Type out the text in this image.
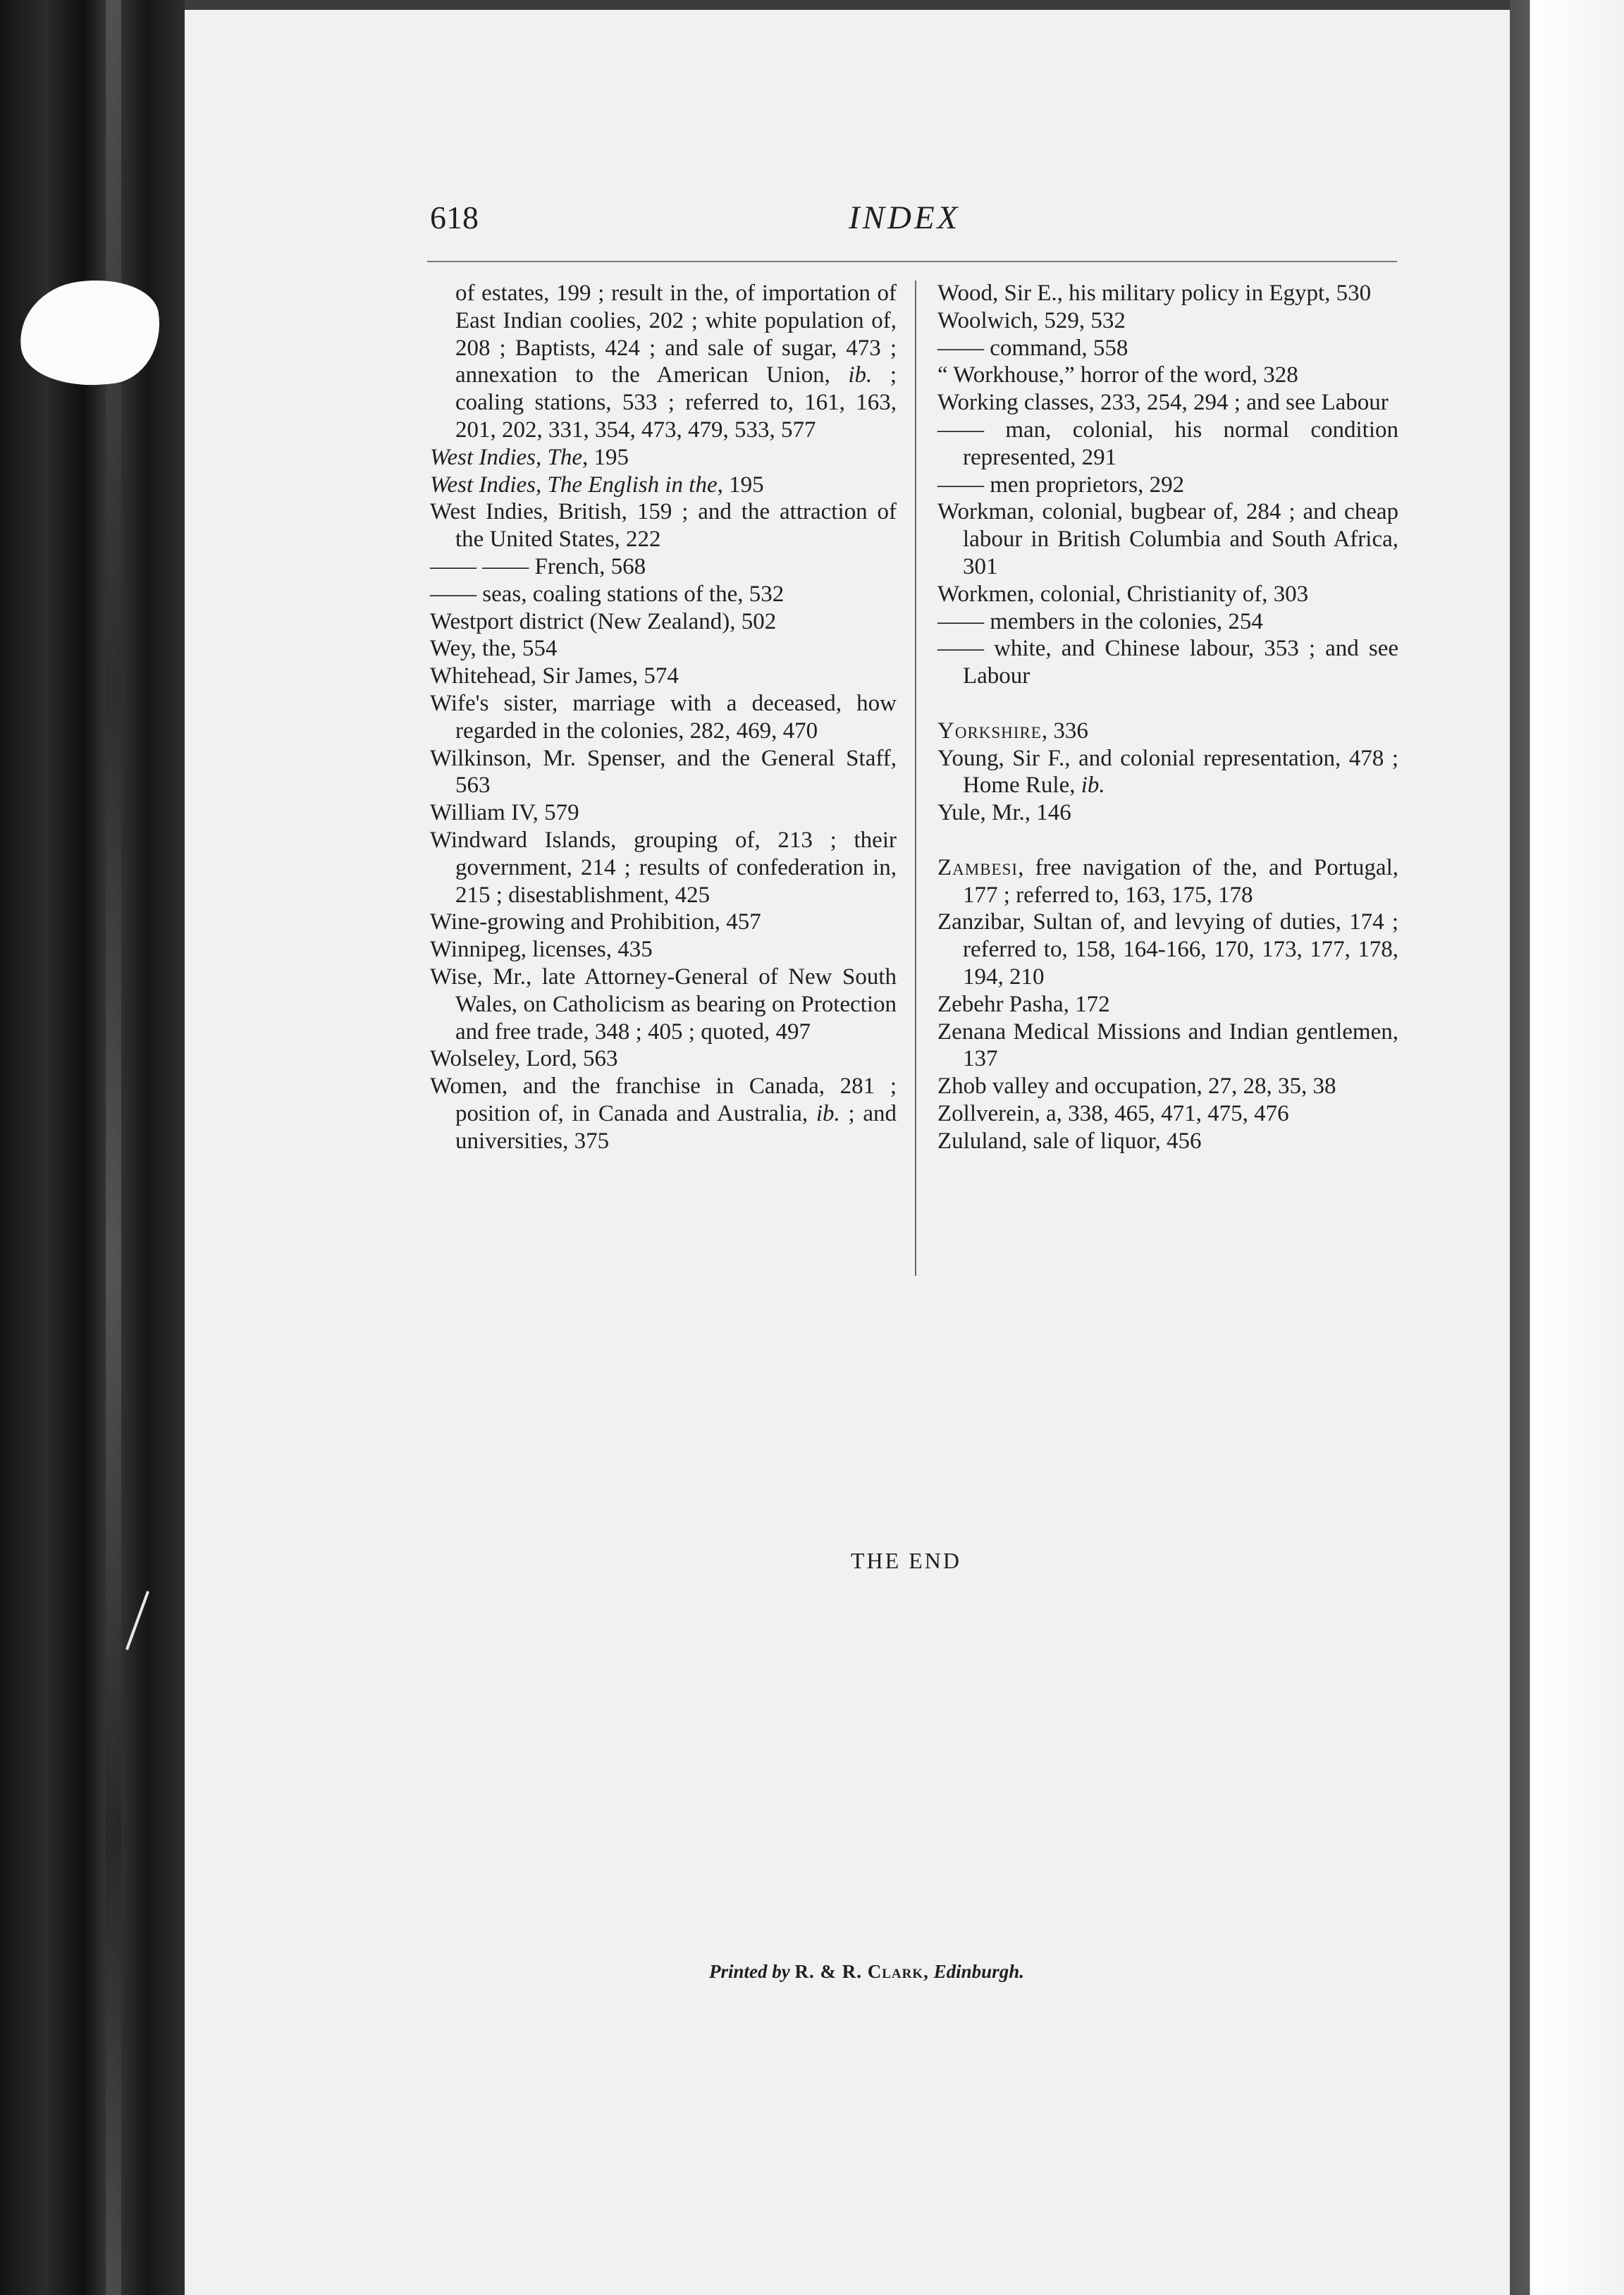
618	INDEX
of estates, 199 ; result in the, of importation of East Indian coolies, 202 ; white population of, 208 ; Baptists, 424 ; and sale of sugar, 473 ; annexation to the American Union, ib. ; coaling stations, 533 ; referred to, 161, 163, 201, 202, 331, 354, 473, 479, 533, 577
West Indies, The, 195
West Indies, The English in the, 195
West Indies, British, 159 ; and the attraction of the United States, 222
—— —— French, 568
—— seas, coaling stations of the, 532
Westport district (New Zealand), 502
Wey, the, 554
Whitehead, Sir James, 574
Wife's sister, marriage with a deceased, how regarded in the colonies, 282, 469, 470
Wilkinson, Mr. Spenser, and the General Staff, 563
William IV, 579
Windward Islands, grouping of, 213 ; their government, 214 ; results of confederation in, 215 ; disestablishment, 425
Wine-growing and Prohibition, 457
Winnipeg, licenses, 435
Wise, Mr., late Attorney-General of New South Wales, on Catholicism as bearing on Protection and free trade, 348 ; 405 ; quoted, 497
Wolseley, Lord, 563
Women, and the franchise in Canada, 281 ; position of, in Canada and Australia, ib. ; and universities, 375
Wood, Sir E., his military policy in Egypt, 530
Woolwich, 529, 532
—— command, 558
“ Workhouse,” horror of the word, 328
Working classes, 233, 254, 294 ; and see Labour
—— man, colonial, his normal condition represented, 291
—— men proprietors, 292
Workman, colonial, bugbear of, 284 ; and cheap labour in British Columbia and South Africa, 301
Workmen, colonial, Christianity of, 303
—— members in the colonies, 254
—— white, and Chinese labour, 353 ; and see Labour
Yorkshire, 336
Young, Sir F., and colonial representation, 478 ; Home Rule, ib.
Yule, Mr., 146
Zambesi, free navigation of the, and Portugal, 177 ; referred to, 163, 175, 178
Zanzibar, Sultan of, and levying of duties, 174 ; referred to, 158, 164-166, 170, 173, 177, 178, 194, 210
Zebehr Pasha, 172
Zenana Medical Missions and Indian gentlemen, 137
Zhob valley and occupation, 27, 28, 35, 38
Zollverein, a, 338, 465, 471, 475, 476
Zululand, sale of liquor, 456
THE END
Printed by R. & R. Clark, Edinburgh.
